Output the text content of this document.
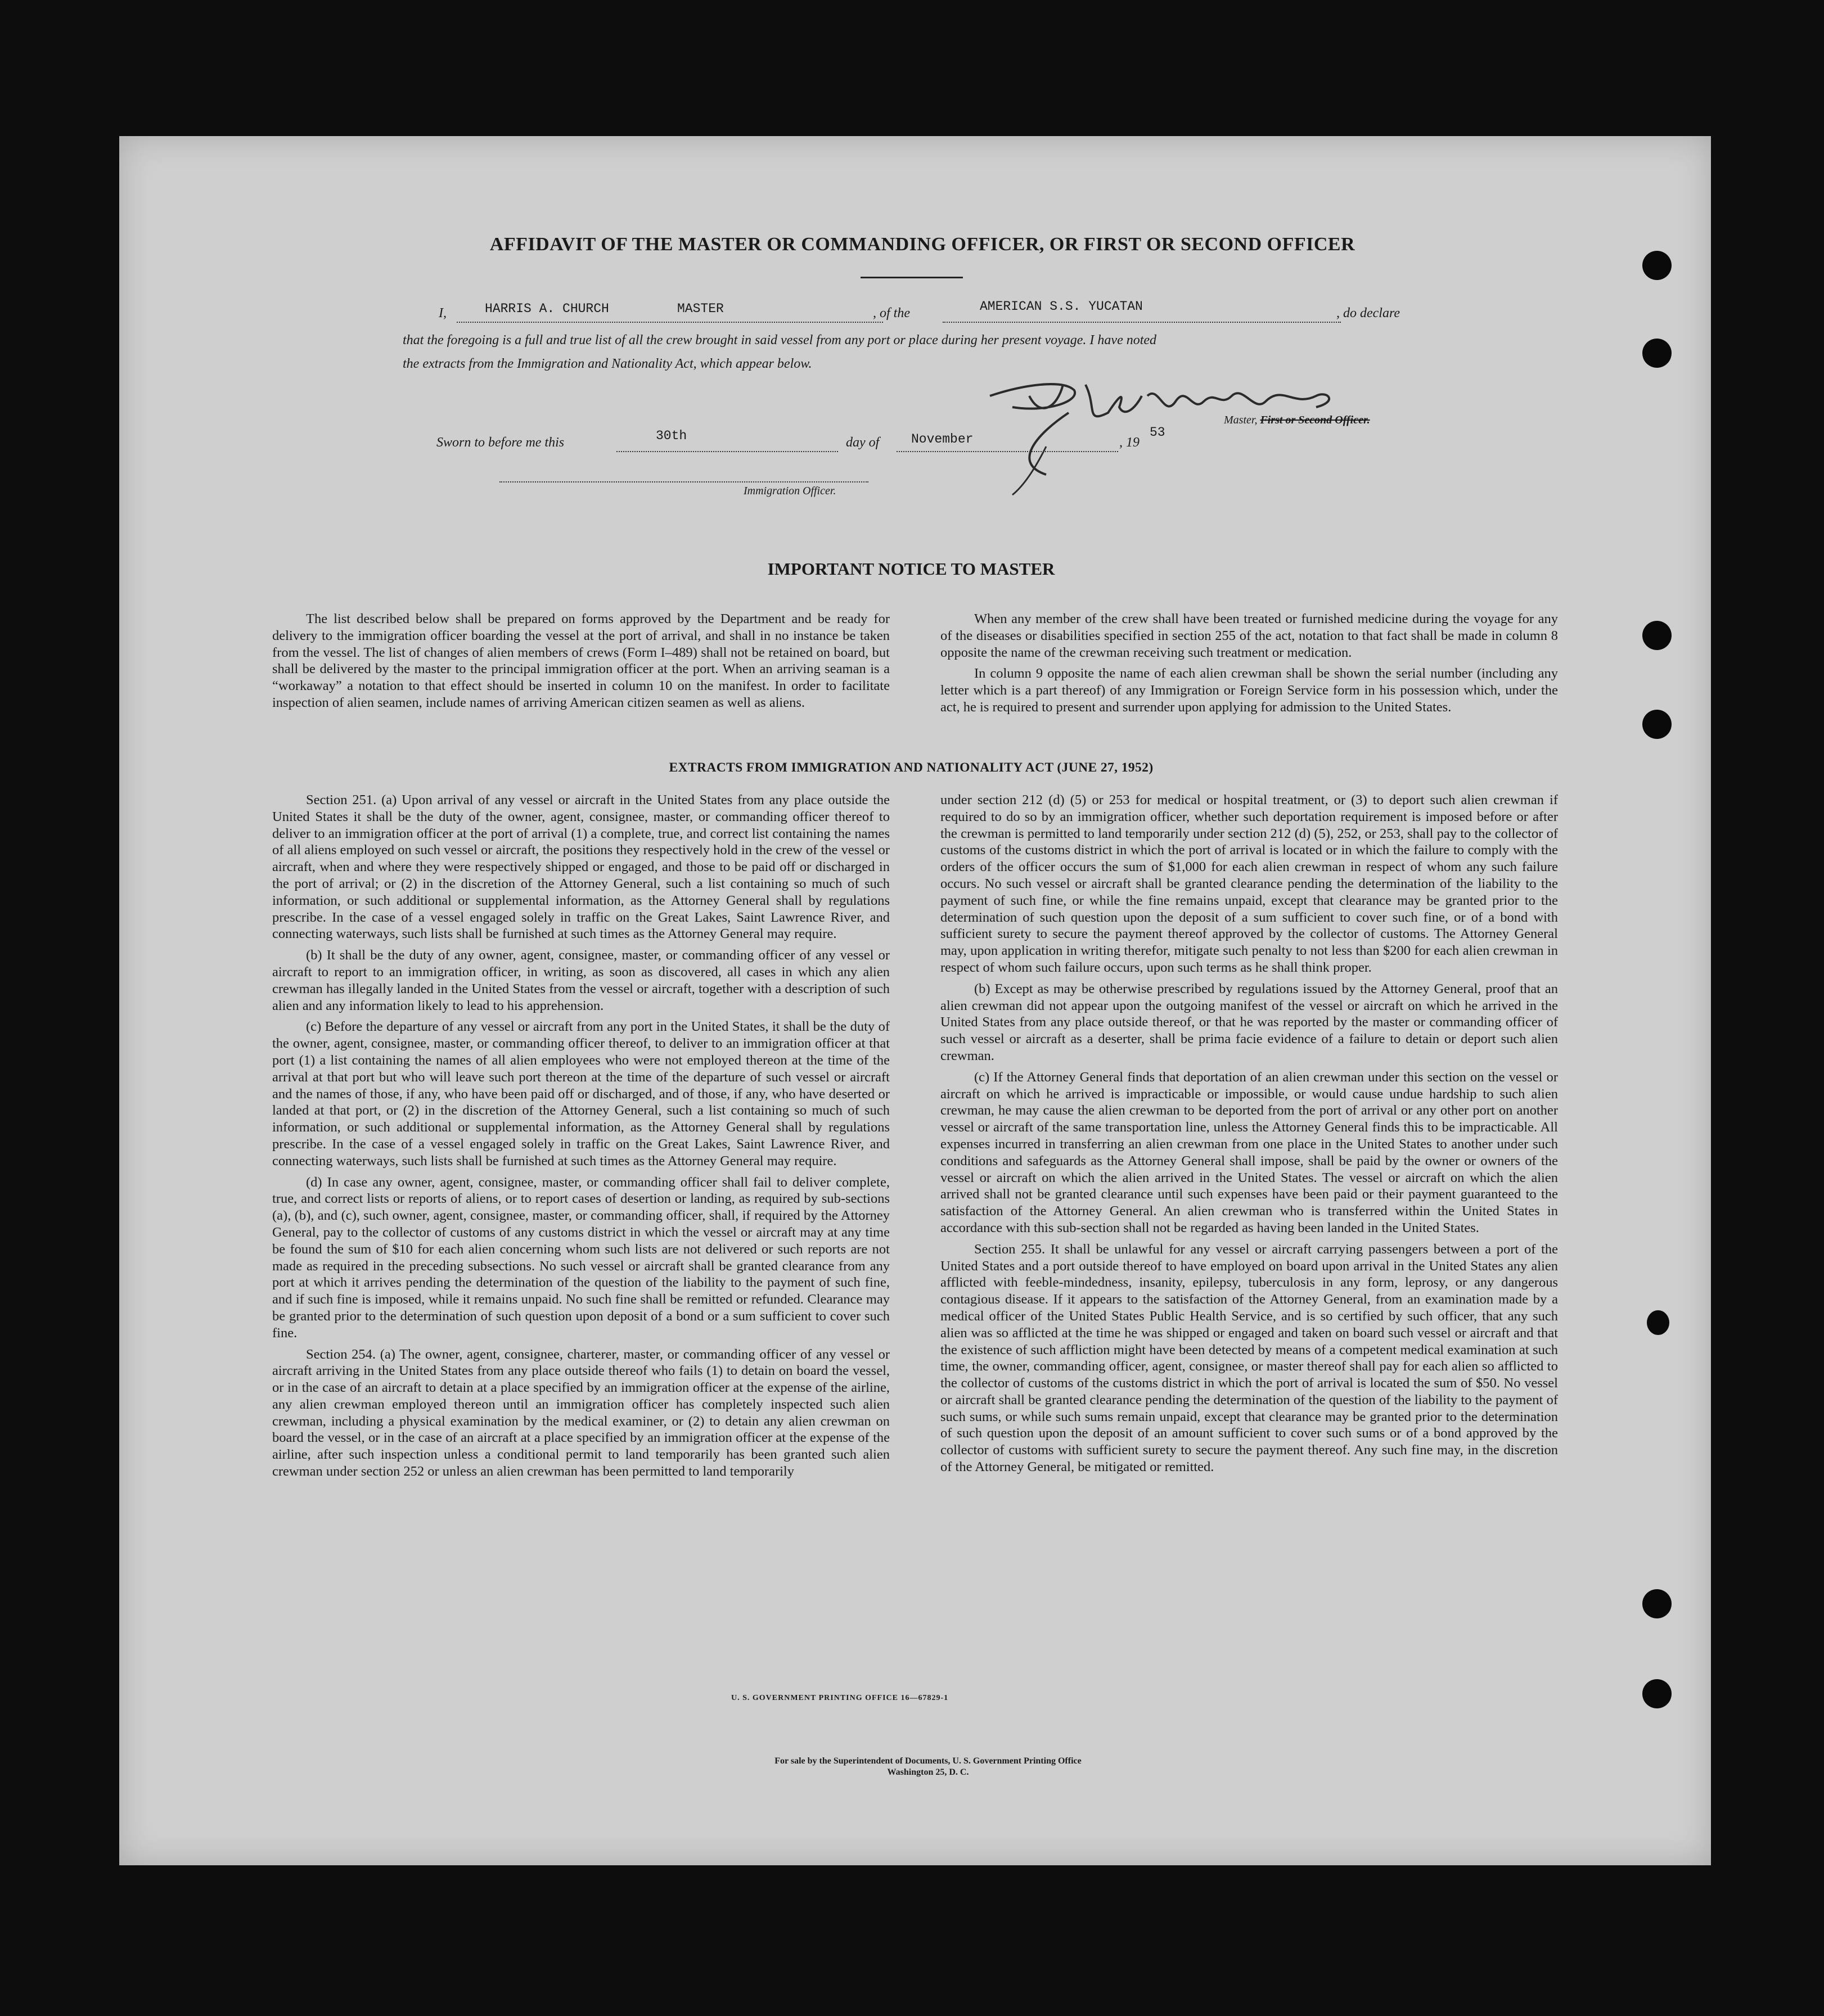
AFFIDAVIT OF THE MASTER OR COMMANDING OFFICER, OR FIRST OR SECOND OFFICER
I,	HARRIS A. CHURCH	MASTER	, of the	AMERICAN S.S. YUCATAN	, do declare
that the foregoing is a full and true list of all the crew brought in said vessel from any port or place during her present voyage. I have noted
the extracts from the Immigration and Nationality Act, which appear below.
Master, First or Second Officer.
Sworn to before me this	30th	day of November	, 19
53
Immigration Officer.
IMPORTANT NOTICE TO MASTER

The list described below shall be prepared on forms approved by the Department and be ready for delivery to the immigration officer boarding the vessel at the port of arrival, and shall in no instance be taken from the vessel. The list of changes of alien members of crews (Form I–489) shall not be retained on board, but shall be delivered by the master to the principal immigration officer at the port. When an arriving seaman is a “workaway” a notation to that effect should be inserted in column 10 on the manifest. In order to facilitate inspection of alien seamen, include names of arriving American citizen seamen as well as aliens.

When any member of the crew shall have been treated or furnished medicine during the voyage for any of the diseases or disabilities specified in section 255 of the act, notation to that fact shall be made in column 8 opposite the name of the crewman receiving such treatment or medication.

In column 9 opposite the name of each alien crewman shall be shown the serial number (including any letter which is a part thereof) of any Immigration or Foreign Service form in his possession which, under the act, he is required to present and surrender upon applying for admission to the United States.

EXTRACTS FROM IMMIGRATION AND NATIONALITY ACT (JUNE 27, 1952)

Section 251. (a) Upon arrival of any vessel or aircraft in the United States from any place outside the United States it shall be the duty of the owner, agent, consignee, master, or commanding officer thereof to deliver to an immigration officer at the port of arrival (1) a complete, true, and correct list containing the names of all aliens employed on such vessel or aircraft, the positions they respectively hold in the crew of the vessel or aircraft, when and where they were respectively shipped or engaged, and those to be paid off or discharged in the port of arrival; or (2) in the discretion of the Attorney General, such a list containing so much of such information, or such additional or supplemental information, as the Attorney General shall by regulations prescribe. In the case of a vessel engaged solely in traffic on the Great Lakes, Saint Lawrence River, and connecting waterways, such lists shall be furnished at such times as the Attorney General may require.

(b) It shall be the duty of any owner, agent, consignee, master, or commanding officer of any vessel or aircraft to report to an immigration officer, in writing, as soon as discovered, all cases in which any alien crewman has illegally landed in the United States from the vessel or aircraft, together with a description of such alien and any information likely to lead to his apprehension.

(c) Before the departure of any vessel or aircraft from any port in the United States, it shall be the duty of the owner, agent, consignee, master, or commanding officer thereof, to deliver to an immigration officer at that port (1) a list containing the names of all alien employees who were not employed thereon at the time of the arrival at that port but who will leave such port thereon at the time of the departure of such vessel or aircraft and the names of those, if any, who have been paid off or discharged, and of those, if any, who have deserted or landed at that port, or (2) in the discretion of the Attorney General, such a list containing so much of such information, or such additional or supplemental information, as the Attorney General shall by regulations prescribe. In the case of a vessel engaged solely in traffic on the Great Lakes, Saint Lawrence River, and connecting waterways, such lists shall be furnished at such times as the Attorney General may require.

(d) In case any owner, agent, consignee, master, or commanding officer shall fail to deliver complete, true, and correct lists or reports of aliens, or to report cases of desertion or landing, as required by sub-sections (a), (b), and (c), such owner, agent, consignee, master, or commanding officer, shall, if required by the Attorney General, pay to the collector of customs of any customs district in which the vessel or aircraft may at any time be found the sum of $10 for each alien concerning whom such lists are not delivered or such reports are not made as required in the preceding subsections. No such vessel or aircraft shall be granted clearance from any port at which it arrives pending the determination of the question of the liability to the payment of such fine, and if such fine is imposed, while it remains unpaid. No such fine shall be remitted or refunded. Clearance may be granted prior to the determination of such question upon deposit of a bond or a sum sufficient to cover such fine.

Section 254. (a) The owner, agent, consignee, charterer, master, or commanding officer of any vessel or aircraft arriving in the United States from any place outside thereof who fails (1) to detain on board the vessel, or in the case of an aircraft to detain at a place specified by an immigration officer at the expense of the airline, any alien crewman employed thereon until an immigration officer has completely inspected such alien crewman, including a physical examination by the medical examiner, or (2) to detain any alien crewman on board the vessel, or in the case of an aircraft at a place specified by an immigration officer at the expense of the airline, after such inspection unless a conditional permit to land temporarily has been granted such alien crewman under section 252 or unless an alien crewman has been permitted to land temporarily

under section 212 (d) (5) or 253 for medical or hospital treatment, or (3) to deport such alien crewman if required to do so by an immigration officer, whether such deportation requirement is imposed before or after the crewman is permitted to land temporarily under section 212 (d) (5), 252, or 253, shall pay to the collector of customs of the customs district in which the port of arrival is located or in which the failure to comply with the orders of the officer occurs the sum of $1,000 for each alien crewman in respect of whom any such failure occurs. No such vessel or aircraft shall be granted clearance pending the determination of the liability to the payment of such fine, or while the fine remains unpaid, except that clearance may be granted prior to the determination of such question upon the deposit of a sum sufficient to cover such fine, or of a bond with sufficient surety to secure the payment thereof approved by the collector of customs. The Attorney General may, upon application in writing therefor, mitigate such penalty to not less than $200 for each alien crewman in respect of whom such failure occurs, upon such terms as he shall think proper.

(b) Except as may be otherwise prescribed by regulations issued by the Attorney General, proof that an alien crewman did not appear upon the outgoing manifest of the vessel or aircraft on which he arrived in the United States from any place outside thereof, or that he was reported by the master or commanding officer of such vessel or aircraft as a deserter, shall be prima facie evidence of a failure to detain or deport such alien crewman.

(c) If the Attorney General finds that deportation of an alien crewman under this section on the vessel or aircraft on which he arrived is impracticable or impossible, or would cause undue hardship to such alien crewman, he may cause the alien crewman to be deported from the port of arrival or any other port on another vessel or aircraft of the same transportation line, unless the Attorney General finds this to be impracticable. All expenses incurred in transferring an alien crewman from one place in the United States to another under such conditions and safeguards as the Attorney General shall impose, shall be paid by the owner or owners of the vessel or aircraft on which the alien arrived in the United States. The vessel or aircraft on which the alien arrived shall not be granted clearance until such expenses have been paid or their payment guaranteed to the satisfaction of the Attorney General. An alien crewman who is transferred within the United States in accordance with this sub-section shall not be regarded as having been landed in the United States.

Section 255. It shall be unlawful for any vessel or aircraft carrying passengers between a port of the United States and a port outside thereof to have employed on board upon arrival in the United States any alien afflicted with feeble-mindedness, insanity, epilepsy, tuberculosis in any form, leprosy, or any dangerous contagious disease. If it appears to the satisfaction of the Attorney General, from an examination made by a medical officer of the United States Public Health Service, and is so certified by such officer, that any such alien was so afflicted at the time he was shipped or engaged and taken on board such vessel or aircraft and that the existence of such affliction might have been detected by means of a competent medical examination at such time, the owner, commanding officer, agent, consignee, or master thereof shall pay for each alien so afflicted to the collector of customs of the customs district in which the port of arrival is located the sum of $50. No vessel or aircraft shall be granted clearance pending the determination of the question of the liability to the payment of such sums, or while such sums remain unpaid, except that clearance may be granted prior to the determination of such question upon the deposit of an amount sufficient to cover such sums or of a bond approved by the collector of customs with sufficient surety to secure the payment thereof. Any such fine may, in the discretion of the Attorney General, be mitigated or remitted.

U. S. GOVERNMENT PRINTING OFFICE 16—67829-1
For sale by the Superintendent of Documents, U. S. Government Printing Office
Washington 25, D. C.
